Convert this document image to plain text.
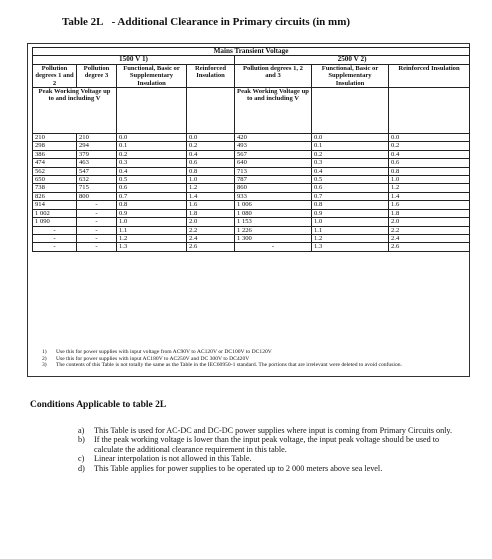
Table 2L - Additional Clearance in Primary circuits (in mm)
Mains Transient Voltage						
1500 V 1)				2500 V 2)		
Pollution degrees 1 and 2	Pollution degree 3	Functional, Basic or Supplementary Insulation	Reinforced Insulation	Pollution degrees 1, 2 and 3	Functional, Basic or Supplementary Insulation	Reinforced Insulation
Peak Working Voltage up to and including V				Peak Working Voltage up to and including V		
210	210	0.0	0.0	420	0.0	0.0
298	294	0.1	0.2	493	0.1	0.2
386	379	0.2	0.4	567	0.2	0.4
474	463	0.3	0.6	640	0.3	0.6
562	547	0.4	0.8	713	0.4	0.8
650	632	0.5	1.0	787	0.5	1.0
738	715	0.6	1.2	860	0.6	1.2
826	800	0.7	1.4	933	0.7	1.4
914	-	0.8	1.6	1 006	0.8	1.6
1 002	-	0.9	1.8	1 080	0.9	1.8
1 090	-	1.0	2.0	1 153	1.0	2.0
-	-	1.1	2.2	1 226	1.1	2.2
-	-	1.2	2.4	1 300	1.2	2.4
-	-	1.3	2.6	-	1.3	2.6
1)	Use this for power supplies with input voltage from AC90V to AC120V or DC100V to DC120V
2)	Use this for power supplies with input AC180V to AC250V and DC 300V to DC420V
3)	The contents of this Table is not totally the same as the Table in the IEC60950-1 standard. The portions that are irrelevant were deleted to avoid confusion.
Conditions Applicable to table 2L
a)	This Table is used for AC-DC and DC-DC power supplies where input is coming from Primary Circuits only.
b)	If the peak working voltage is lower than the input peak voltage, the input peak voltage should be used to calculate the additional clearance requirement in this table.
c)	Linear interpolation is not allowed in this Table.
d)	This Table applies for power supplies to be operated up to 2 000 meters above sea level.
